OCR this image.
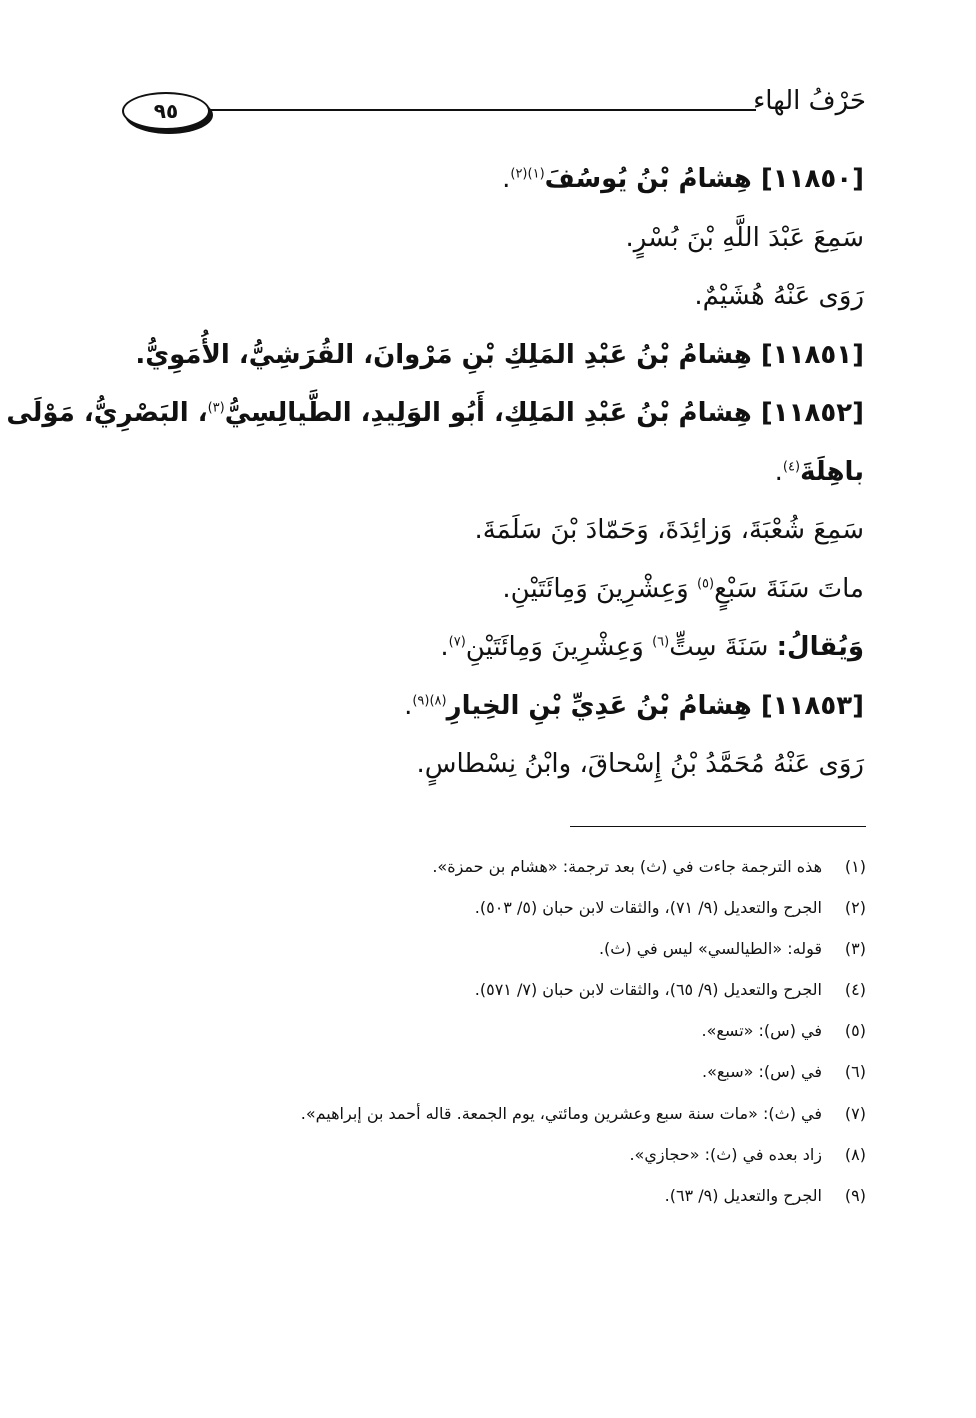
٩٥	حَرْفُ الهاء
[١١٨٥٠] هِشامُ بْنُ يُوسُفَ$^{(١)(٢)}$.
سَمِعَ عَبْدَ اللَّهِ بْنَ بُسْرٍ.
رَوَى عَنْهُ هُشَيْمٌ.
[١١٨٥١] هِشامُ بْنُ عَبْدِ المَلِكِ بْنِ مَرْوانَ، القُرَشِيُّ، الأُمَوِيُّ.
[١١٨٥٢] هِشامُ بْنُ عَبْدِ المَلِكِ، أَبُو الوَلِيدِ، الطَّيالِسِيُّ$^{(٣)}$، البَصْرِيُّ، مَوْلَى
باهِلَةَ$^{(٤)}$.
سَمِعَ شُعْبَةَ، وَزائِدَةَ، وَحَمّادَ بْنَ سَلَمَةَ.
ماتَ سَنَةَ سَبْعٍ$^{(٥)}$ وَعِشْرِينَ وَمِائَتَيْنِ.
وَيُقالُ: سَنَةَ سِتٍّ$^{(٦)}$ وَعِشْرِينَ وَمِائَتَيْنِ$^{(٧)}$.
[١١٨٥٣] هِشامُ بْنُ عَدِيِّ بْنِ الخِيارِ$^{(٨)(٩)}$.
رَوَى عَنْهُ مُحَمَّدُ بْنُ إِسْحاقَ، وابْنُ نِسْطاسٍ.
(١)
هذه الترجمة جاءت في (ث) بعد ترجمة: «هشام بن حمزة».
(٢)
الجرح والتعديل (٩/ ٧١)، والثقات لابن حبان (٥/ ٥٠٣).
(٣)
قوله: «الطيالسي» ليس في (ث).
(٤)
الجرح والتعديل (٩/ ٦٥)، والثقات لابن حبان (٧/ ٥٧١).
(٥)
في (س): «تسع».
(٦)
في (س): «سبع».
(٧)
في (ث): «مات سنة سبع وعشرين ومائتي، يوم الجمعة. قاله أحمد بن إبراهيم».
(٨)
زاد بعده في (ث): «حجازي».
(٩)
الجرح والتعديل (٩/ ٦٣).
